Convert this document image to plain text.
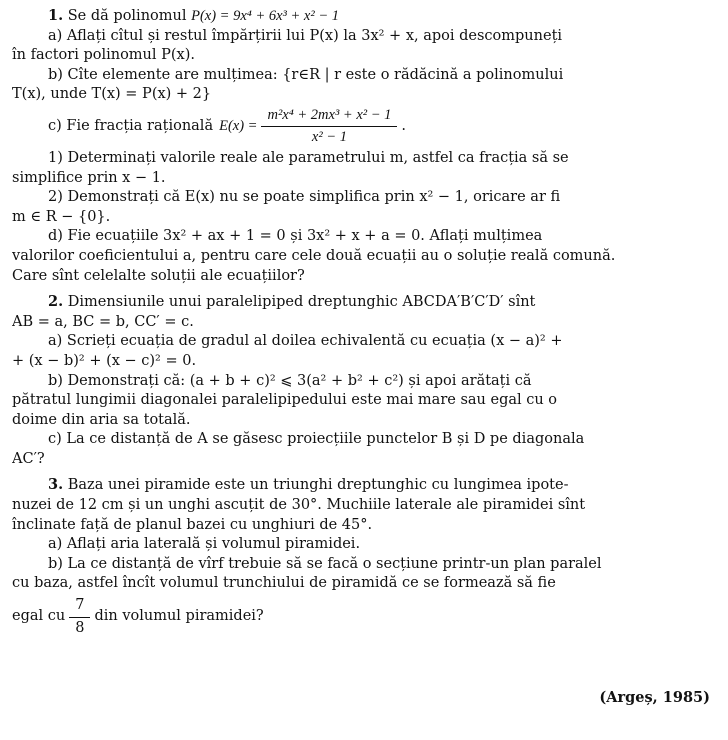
1. Se dă polinomul P(x) = 9x⁴ + 6x³ + x² − 1
a) Aflați cîtul și restul împărțirii lui P(x) la 3x² + x, apoi descompuneți
în factori polinomul P(x).
b) Cîte elemente are mulțimea: {r∈R | r este o rădăcină a polinomului
T(x), unde T(x) = P(x) + 2}
c) Fie fracția rațională $E(x) = \frac{\text{m²x⁴ + 2mx³ + x² − 1}}{\text{x² − 1}}$ .
1) Determinați valorile reale ale parametrului m, astfel ca fracția să se
simplifice prin x − 1.
2) Demonstrați că E(x) nu se poate simplifica prin x² − 1, oricare ar fi
m ∈ R − {0}.
d) Fie ecuațiile 3x² + ax + 1 = 0 și 3x² + x + a = 0. Aflați mulțimea
valorilor coeficientului a, pentru care cele două ecuații au o soluție reală comună.
Care sînt celelalte soluții ale ecuațiilor?
2. Dimensiunile unui paralelipiped dreptunghic ABCDA′B′C′D′ sînt
AB = a, BC = b, CC′ = c.
a) Scrieți ecuația de gradul al doilea echivalentă cu ecuația (x − a)² +
+ (x − b)² + (x − c)² = 0.
b) Demonstrați că: (a + b + c)² ⩽ 3(a² + b² + c²) și apoi arătați că
pătratul lungimii diagonalei paralelipipedului este mai mare sau egal cu o
doime din aria sa totală.
c) La ce distanță de A se găsesc proiecțiile punctelor B și D pe diagonala
AC′?
3. Baza unei piramide este un triunghi dreptunghic cu lungimea ipote-
nuzei de 12 cm și un unghi ascuțit de 30°. Muchiile laterale ale piramidei sînt
înclinate față de planul bazei cu unghiuri de 45°.
a) Aflați aria laterală și volumul piramidei.
b) La ce distanță de vîrf trebuie să se facă o secțiune printr-un plan paralel
cu baza, astfel încît volumul trunchiului de piramidă ce se formează să fie
egal cu $\frac{7}{8}$ din volumul piramidei?
(Argeș, 1985)
